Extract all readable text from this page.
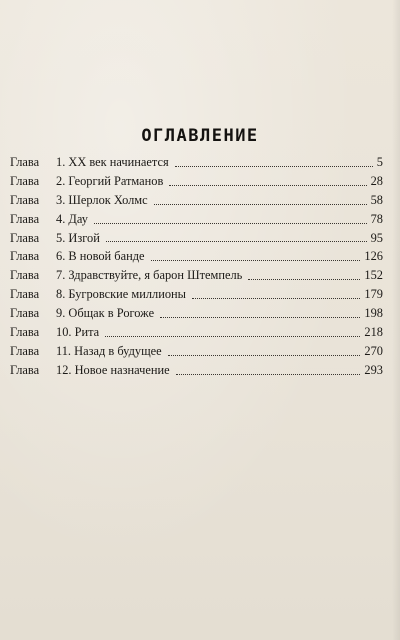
ОГЛАВЛЕНИЕ
Глава	1. XX век начинается	5
Глава	2. Георгий Ратманов	28
Глава	3. Шерлок Холмс	58
Глава	4. Дау	78
Глава	5. Изгой	95
Глава	6. В новой банде	126
Глава	7. Здравствуйте, я барон Штемпель	152
Глава	8. Бугровские миллионы	179
Глава	9. Общак в Рогоже	198
Глава	10. Рита	218
Глава	11. Назад в будущее	270
Глава	12. Новое назначение	293
